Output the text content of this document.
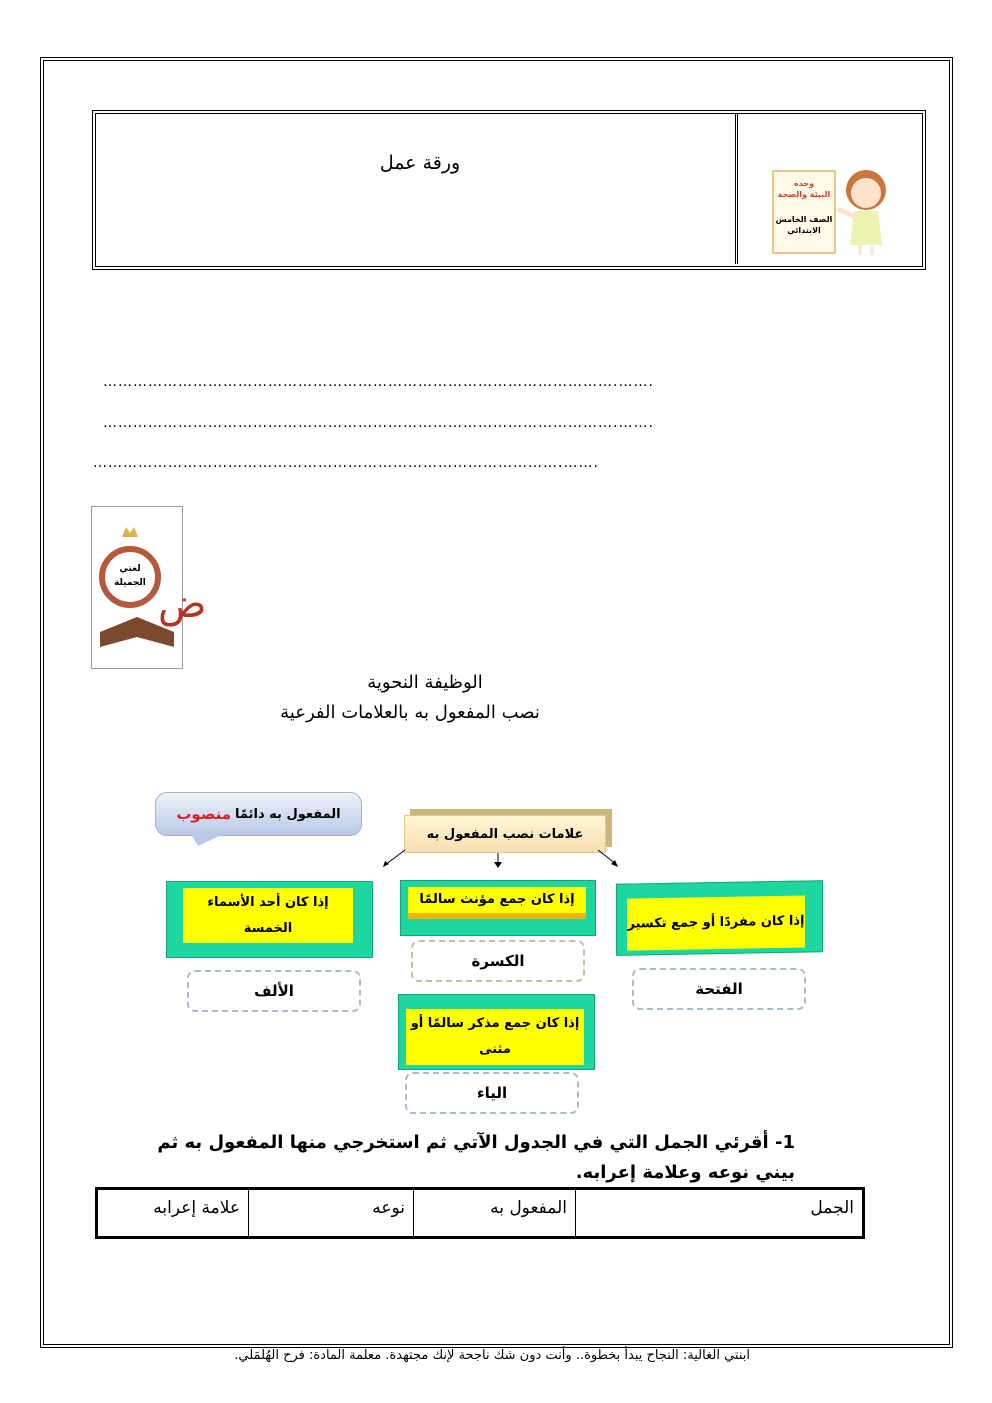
ورقة عمل
وحدة
البيئة والصحة
الصف الخامس
الابتدائي
………………………………………………………………………………………….…….
………………………………………………………………………………………….…….
………………………………………………………………………………….…….
ض
لغتي الجميلة
الوظيفة النحوية
نصب المفعول به بالعلامات الفرعية
المفعول به دائمًا
منصوب
علامات نصب المفعول به
إذا كان مفردًا أو جمع تكسير
الفتحة
إذا كان جمع مؤنث سالمًا
الكسرة
إذا كان أحد الأسماء الخمسة
الألف
إذا كان جمع مذكر سالمًا أو مثنى
الياء
1- أقرئي الجمل التي في الجدول الآتي ثم استخرجي منها المفعول به ثم بيني نوعه وعلامة إعرابه.
الجمل	المفعول به	نوعه	علامة إعرابه
ابنتي الغالية: النجاح يبدأ بخطوة.. وأنت دون شك ناجحة لإنك مجتهدة. معلمة المادة: فرح الهُلَمَلي.
